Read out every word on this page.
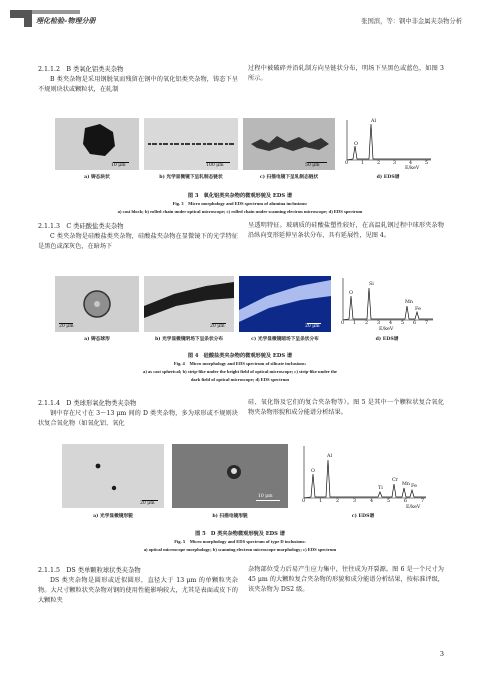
理化检验–物理分册	张国滨，等：钢中非金属夹杂物分析
2.1.1.2　B 类氧化铝类夹杂物
B 类夹杂物是采用钢脱氧而残留在钢中的氧化铝类夹杂物，铸态下呈不规则块状或颗粒状，在轧制
过程中被破碎并沿轧制方向呈链状分布，明场下呈黑色或蓝色，如图 3 所示。
10 μm	100 μm	50 μm
O
Al
0	1	2	3	4	5
E/keV
a) 铸态块状	b) 光学显微镜下呈轧制态链状	c) 扫描电镜下呈轧制态链状	d) EDS谱
图 3　氧化铝类夹杂物的微观形貌及 EDS 谱
Fig. 3　Micro morphology and EDS spectrum of alumina inclusions:
a) cast block; b) rolled chain under optical microscope; c) rolled chain under scanning electron microscope; d) EDS spectrum
2.1.1.3　C 类硅酸盐类夹杂物
C 类夹杂物是硅酸盐类夹杂物，硅酸盐夹杂物在显微镜下的光学特征是黑色或深灰色，在暗场下
呈透明特征。玻璃质的硅酸盐塑性较好，在高温轧钢过程中球形夹杂物沿纵向变形延伸呈条状分布，具有延展性，见图 4。
20 μm	20 μm	20 μm
O
Si
Mn
Fe
0 1 2 3 4 5 6 7
E/keV
a) 铸态球形	b) 光学显微镜明场下呈条状分布	c) 光学显微镜暗场下呈条状分布	d) EDS谱
图 4　硅酸盐类夹杂物的微观形貌及 EDS 谱
Fig. 4　Micro morphology and EDS spectrum of silicate inclusions:
a) as cast spherical; b) strip-like under the bright field of optical microscope; c) strip-like under the
dark field of optical microscope; d) EDS spectrum
2.1.1.4　D 类球形氧化物类夹杂物
钢中存在尺寸在 3～13 μm 间的 D 类夹杂物，多为球形或不规则块状复合氧化物（如氧化铝、氧化
硅、氧化铬及它们的复合夹杂物等）。图 5 是其中一个颗粒状复合氧化物夹杂物形貌和成分能谱分析结果。
20 μm
10 μm
O
Al
Ti
Cr
Mn Fe
0	1	2	3	4	5	6	7
E/keV
a) 光学显微镜形貌	b) 扫描电镜形貌	c) EDS谱
图 5　D 类夹杂物微观形貌及 EDS 谱
Fig. 5　Micro morphology and EDS spectrum of type D inclusions:
a) optical microscope morphology; b) scanning electron microscope morphology; c) EDS spectrum
2.1.1.5　DS 类单颗粒球状类夹杂物
DS 类夹杂物是圆形或近似圆形，直径大于 13 μm 的单颗粒夹杂物。大尺寸颗粒状夹杂物对钢的使用性能影响较大，尤其是表面或皮下的大颗粒夹
杂物部位受力后易产生应力集中，往往成为开裂源。图 6 是一个尺寸为 45 μm 的大颗粒复合夹杂物的形貌和成分能谱分析结果，按标准评级，该夹杂物为 DS2 级。
3
